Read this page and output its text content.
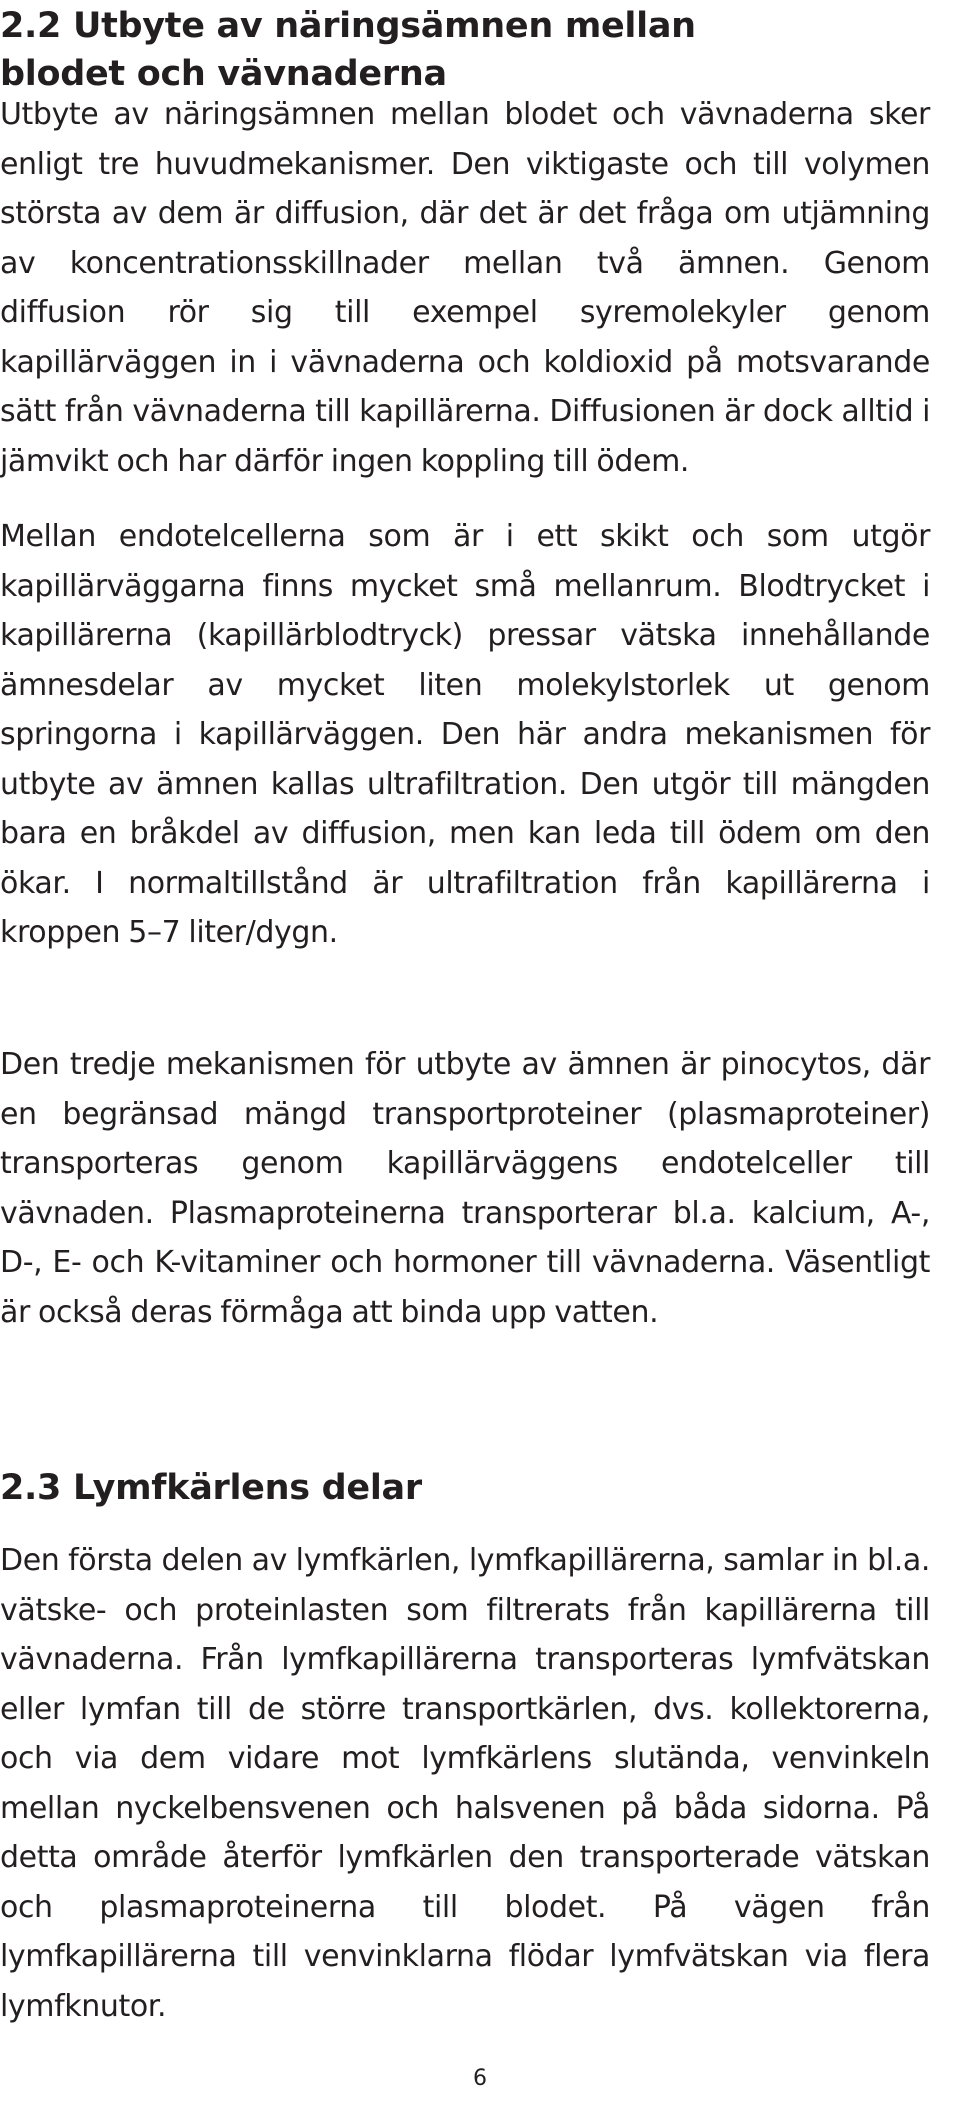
2.2 Utbyte av näringsämnen mellan blodet och vävnaderna

Utbyte av näringsämnen mellan blodet och vävnaderna sker enligt tre huvudmekanismer. Den viktigaste och till volymen största av dem är diffusion, där det är det fråga om utjämning av koncentrationsskillnader mellan två ämnen. Genom diffusion rör sig till exempel syremolekyler genom kapillärväggen in i vävnaderna och koldioxid på motsvarande sätt från vävnaderna till kapillärerna. Diffusionen är dock alltid i jämvikt och har därför ingen koppling till ödem.

Mellan endotelcellerna som är i ett skikt och som utgör kapillärväggarna finns mycket små mellanrum. Blodtrycket i kapillärerna (kapillärblodtryck) pressar vätska innehållande ämnesdelar av mycket liten molekylstorlek ut genom springorna i kapillärväggen. Den här andra mekanismen för utbyte av ämnen kallas ultrafiltration. Den utgör till mängden bara en bråkdel av diffusion, men kan leda till ödem om den ökar. I normaltillstånd är ultrafiltration från kapillärerna i kroppen 5–7 liter/dygn.

Den tredje mekanismen för utbyte av ämnen är pinocytos, där en begränsad mängd transportproteiner (plasmaproteiner) transporteras genom kapillärväggens endotelceller till vävnaden. Plasmaproteinerna transporterar bl.a. kalcium, A-, D-, E- och K-vitaminer och hormoner till vävnaderna. Väsentligt är också deras förmåga att binda upp vatten.

2.3 Lymfkärlens delar

Den första delen av lymfkärlen, lymfkapillärerna, samlar in bl.a. vätske- och proteinlasten som filtrerats från kapillärerna till vävnaderna. Från lymfkapillärerna transporteras lymfvätskan eller lymfan till de större transportkärlen, dvs. kollektorerna, och via dem vidare mot lymfkärlens slutända, venvinkeln mellan nyckelbensvenen och halsvenen på båda sidorna. På detta område återför lymfkärlen den transporterade vätskan och plasmaproteinerna till blodet. På vägen från lymfkapillärerna till venvinklarna flödar lymfvätskan via flera lymfknutor.

6
